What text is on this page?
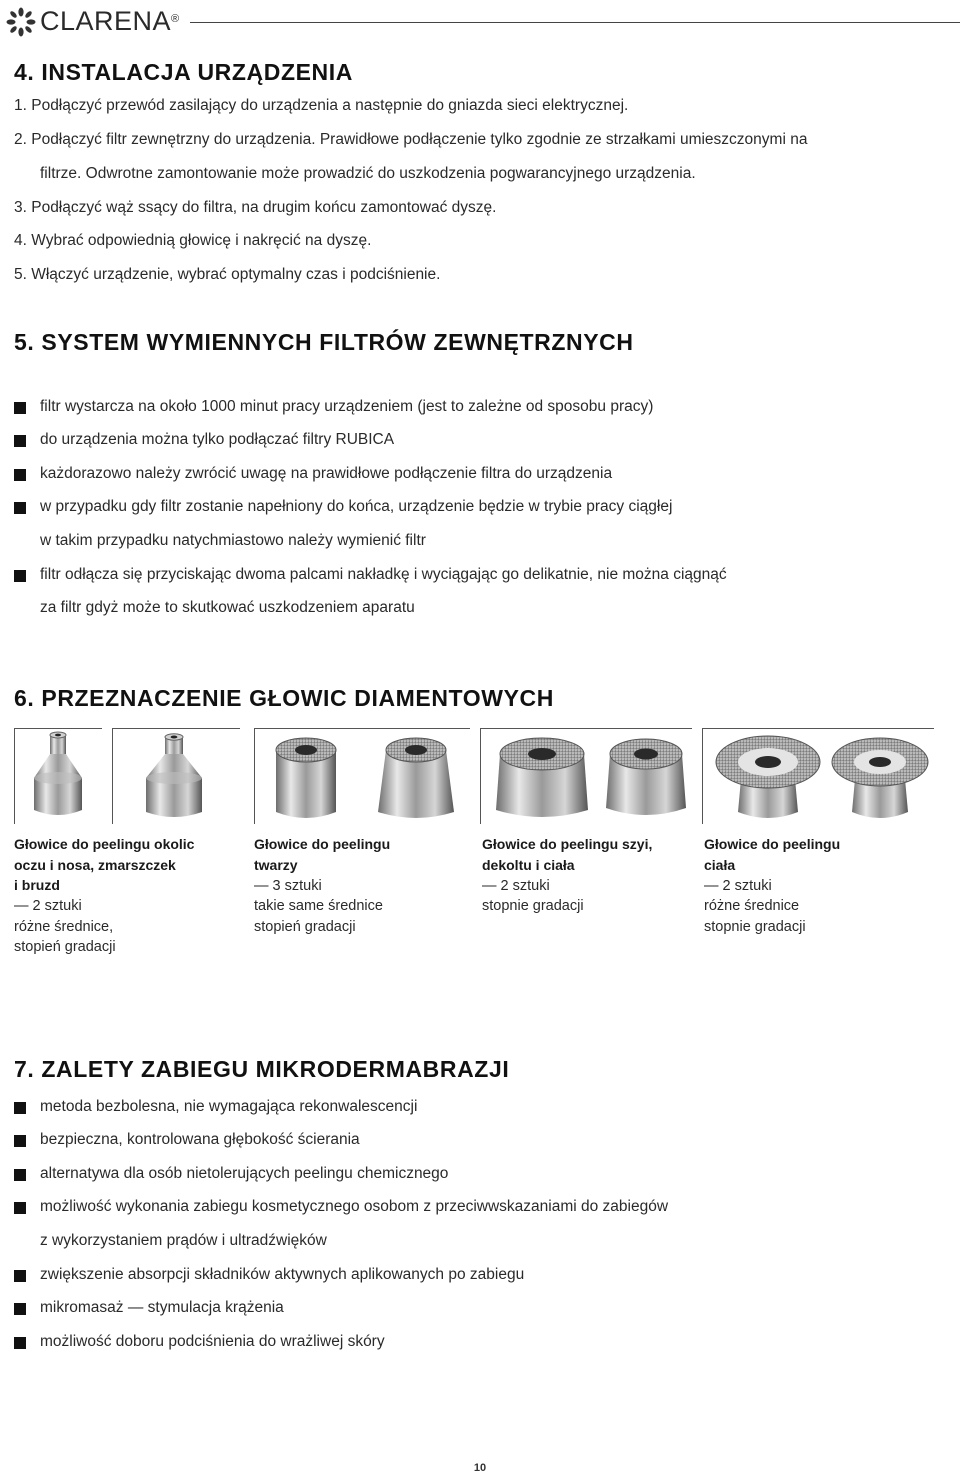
CLARENA®
4. INSTALACJA URZĄDZENIA

1. Podłączyć przewód zasilający do urządzenia a następnie do gniazda sieci elektrycznej.

2. Podłączyć filtr zewnętrzny do urządzenia. Prawidłowe podłączenie tylko zgodnie ze strzałkami umieszczonymi na

filtrze. Odwrotne zamontowanie może prowadzić do uszkodzenia pogwarancyjnego urządzenia.

3. Podłączyć wąż ssący do filtra, na drugim końcu zamontować dyszę.

4. Wybrać odpowiednią głowicę i nakręcić na dyszę.

5. Włączyć urządzenie, wybrać optymalny czas i podciśnienie.

5. SYSTEM WYMIENNYCH FILTRÓW ZEWNĘTRZNYCH

filtr wystarcza na około 1000 minut pracy urządzeniem (jest to zależne od sposobu pracy)

do urządzenia można tylko podłączać filtry RUBICA

każdorazowo należy zwrócić uwagę na prawidłowe podłączenie filtra do urządzenia

w przypadku gdy filtr zostanie napełniony do końca, urządzenie będzie w trybie pracy ciągłej

w takim przypadku natychmiastowo należy wymienić filtr

filtr odłącza się przyciskając dwoma palcami nakładkę i wyciągając go delikatnie, nie można ciągnąć

za filtr gdyż może to skutkować uszkodzeniem aparatu

6. PRZEZNACZENIE GŁOWIC DIAMENTOWYCH

Głowice do peelingu okolic

oczu i nosa, zmarszczek

i bruzd

— 2 sztuki

różne średnice,

stopień gradacji

Głowice do peelingu

twarzy

— 3 sztuki

takie same średnice

stopień gradacji

Głowice do peelingu szyi,

dekoltu i ciała

— 2 sztuki

stopnie gradacji

Głowice do peelingu

ciała

— 2 sztuki

różne średnice

stopnie gradacji

7. ZALETY ZABIEGU MIKRODERMABRAZJI

metoda bezbolesna, nie wymagająca rekonwalescencji

bezpieczna, kontrolowana głębokość ścierania

alternatywa dla osób nietolerujących peelingu chemicznego

możliwość wykonania zabiegu kosmetycznego osobom z przeciwwskazaniami do zabiegów

z wykorzystaniem prądów i ultradźwięków

zwiększenie absorpcji składników aktywnych aplikowanych po zabiegu

mikromasaż — stymulacja krążenia

możliwość doboru podciśnienia do wrażliwej skóry

10
